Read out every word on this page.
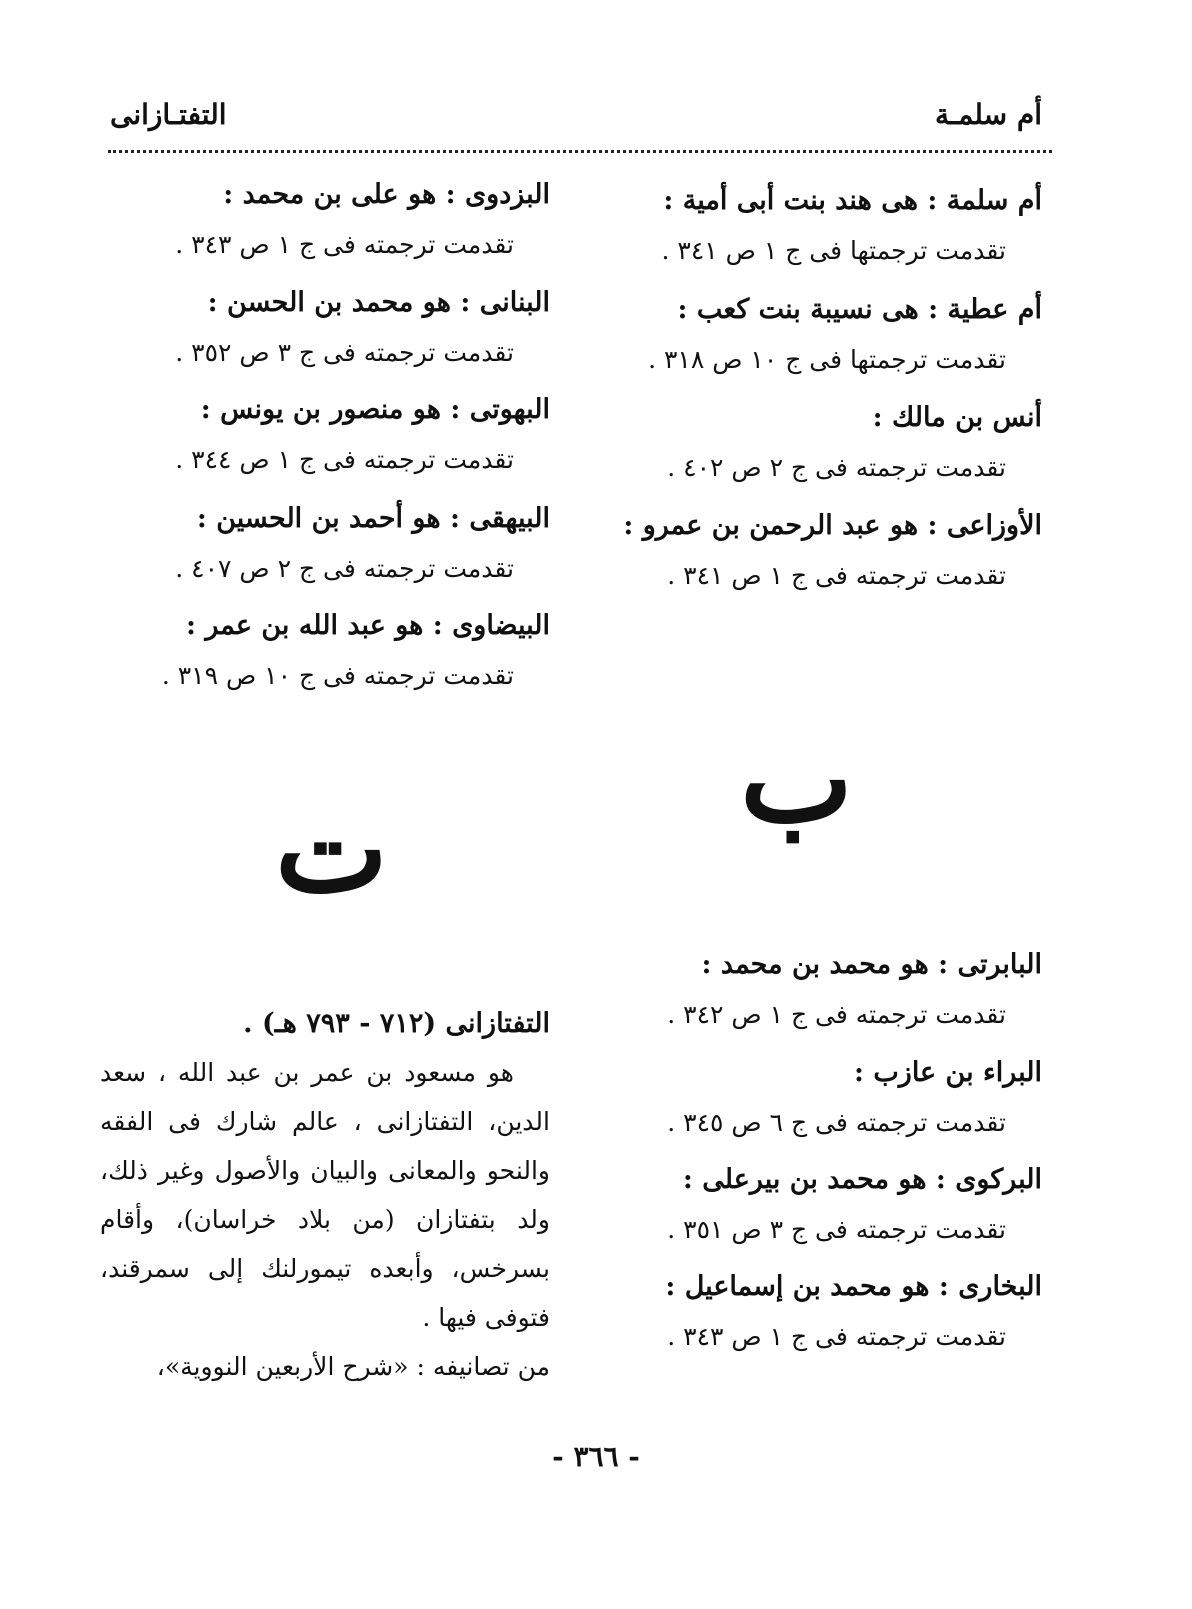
أم سلمـة
التفتـازانى
أم سلمة : هى هند بنت أبى أمية :
تقدمت ترجمتها فى ج ١ ص ٣٤١ .
أم عطية : هى نسيبة بنت كعب :
تقدمت ترجمتها فى ج ١٠ ص ٣١٨ .
أنس بن مالك :
تقدمت ترجمته فى ج ٢ ص ٤٠٢ .
الأوزاعى : هو عبد الرحمن بن عمرو :
تقدمت ترجمته فى ج ١ ص ٣٤١ .
البابرتى : هو محمد بن محمد :
تقدمت ترجمته فى ج ١ ص ٣٤٢ .
البراء بن عازب :
تقدمت ترجمته فى ج ٦ ص ٣٤٥ .
البركوى : هو محمد بن بيرعلى :
تقدمت ترجمته فى ج ٣ ص ٣٥١ .
البخارى : هو محمد بن إسماعيل :
تقدمت ترجمته فى ج ١ ص ٣٤٣ .
ب
البزدوى : هو على بن محمد :
تقدمت ترجمته فى ج ١ ص ٣٤٣ .
البنانى : هو محمد بن الحسن :
تقدمت ترجمته فى ج ٣ ص ٣٥٢ .
البهوتى : هو منصور بن يونس :
تقدمت ترجمته فى ج ١ ص ٣٤٤ .
البيهقى : هو أحمد بن الحسين :
تقدمت ترجمته فى ج ٢ ص ٤٠٧ .
البيضاوى : هو عبد الله بن عمر :
تقدمت ترجمته فى ج ١٠ ص ٣١٩ .
التفتازانى (٧١٢ - ٧٩٣ هـ) .

هو مسعود بن عمر بن عبد الله ، سعد الدين، التفتازانى ، عالم شارك فى الفقه والنحو والمعانى والبيان والأصول وغير ذلك، ولد بتفتازان (من بلاد خراسان)، وأقام بسرخس، وأبعده تيمورلنك إلى سمرقند، فتوفى فيها .

من تصانيفه : «شرح الأربعين النووية»،

ت
- ٣٦٦ -
